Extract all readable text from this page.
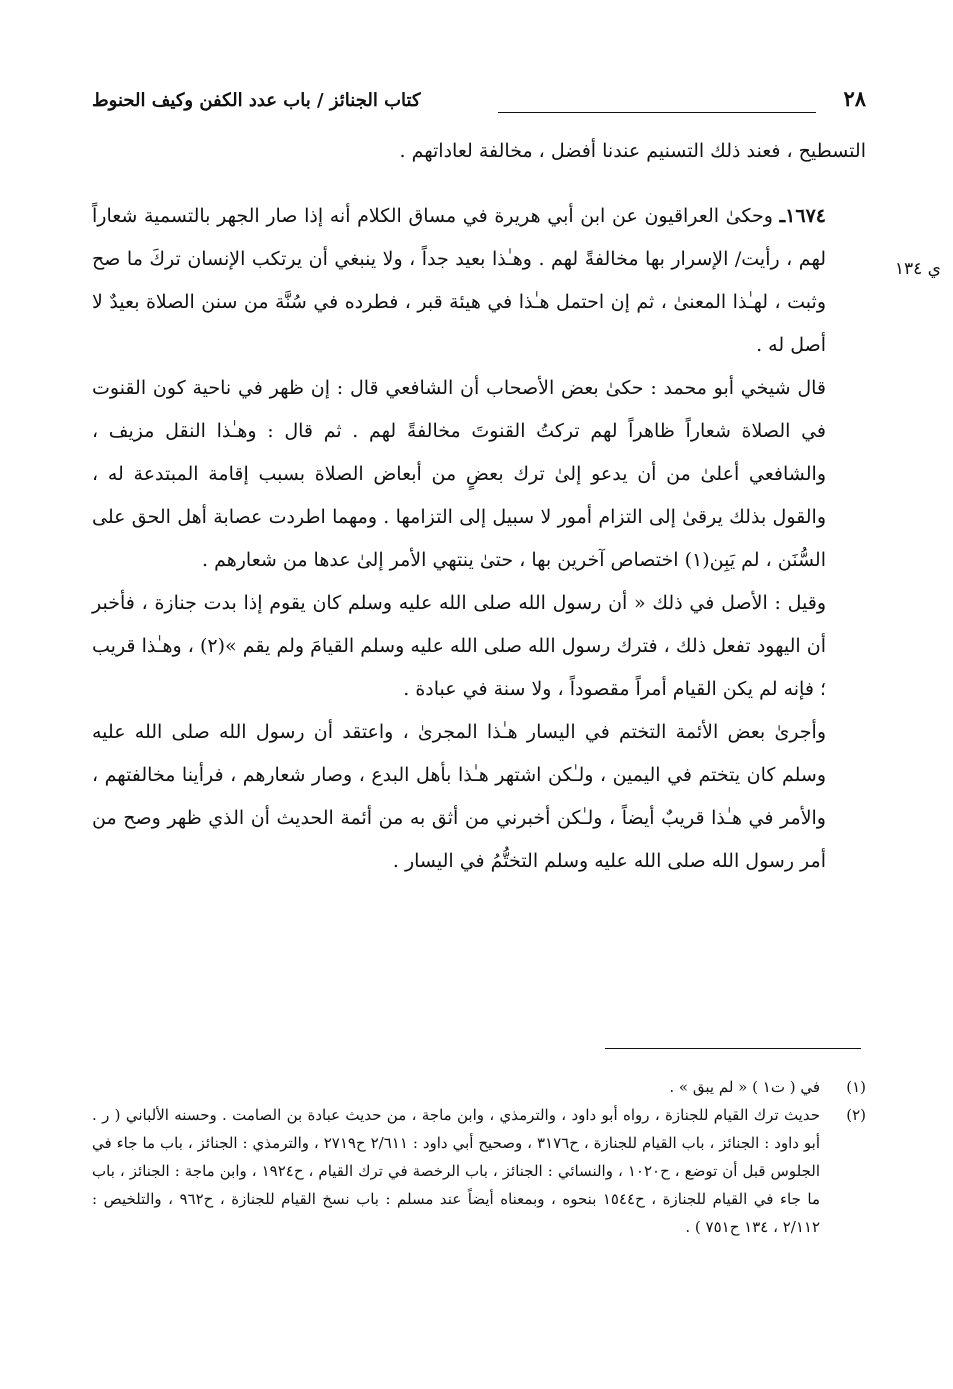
٢٨
كتاب الجنائز / باب عدد الكفن وكيف الحنوط
ي ١٣٤

التسطيح ، فعند ذلك التسنيم عندنا أفضل ، مخالفة لعاداتهم .

١٦٧٤ـ وحكىٰ العراقيون عن ابن أبي هريرة في مساق الكلام أنه إذا صار الجهر بالتسمية شعاراً لهم ، رأيت/ الإسرار بها مخالفةً لهم . وهـٰذا بعيد جداً ، ولا ينبغي أن يرتكب الإنسان تركَ ما صح وثبت ، لهـٰذا المعنىٰ ، ثم إن احتمل هـٰذا في هيئة قبر ، فطرده في سُنَّة من سنن الصلاة بعيدٌ لا أصل له .

قال شيخي أبو محمد : حكىٰ بعض الأصحاب أن الشافعي قال : إن ظهر في ناحية كون القنوت في الصلاة شعاراً ظاهراً لهم تركتُ القنوتَ مخالفةً لهم . ثم قال : وهـٰذا النقل مزيف ، والشافعي أعلىٰ من أن يدعو إلىٰ ترك بعضٍ من أبعاض الصلاة بسبب إقامة المبتدعة له ، والقول بذلك يرقىٰ إلى التزام أمور لا سبيل إلى التزامها . ومهما اطردت عصابة أهل الحق على السُّنَن ، لم يَبِن(١) اختصاص آخرين بها ، حتىٰ ينتهي الأمر إلىٰ عدها من شعارهم .

وقيل : الأصل في ذلك « أن رسول الله صلى الله عليه وسلم كان يقوم إذا بدت جنازة ، فأخبر أن اليهود تفعل ذلك ، فترك رسول الله صلى الله عليه وسلم القيامَ ولم يقم »(٢) ، وهـٰذا قريب ؛ فإنه لم يكن القيام أمراً مقصوداً ، ولا سنة في عبادة .

وأجرىٰ بعض الأئمة التختم في اليسار هـٰذا المجرىٰ ، واعتقد أن رسول الله صلى الله عليه وسلم كان يتختم في اليمين ، ولـٰكن اشتهر هـٰذا بأهل البدع ، وصار شعارهم ، فرأينا مخالفتهم ، والأمر في هـٰذا قريبٌ أيضاً ، ولـٰكن أخبرني من أثق به من أئمة الحديث أن الذي ظهر وصح من أمر رسول الله صلى الله عليه وسلم التختُّمُ في اليسار .

(١)
في ( ت١ ) « لم يبق » .
(٢)
حديث ترك القيام للجنازة ، رواه أبو داود ، والترمذي ، وابن ماجة ، من حديث عبادة بن الصامت . وحسنه الألباني ( ر . أبو داود : الجنائز ، باب القيام للجنازة ، ح٣١٧٦ ، وصحيح أبي داود : ٢/٦١١ ح٢٧١٩ ، والترمذي : الجنائز ، باب ما جاء في الجلوس قبل أن توضع ، ح١٠٢٠ ، والنسائي : الجنائز ، باب الرخصة في ترك القيام ، ح١٩٢٤ ، وابن ماجة : الجنائز ، باب ما جاء في القيام للجنازة ، ح١٥٤٤ بنحوه ، وبمعناه أيضاً عند مسلم : باب نسخ القيام للجنازة ، ح٩٦٢ ، والتلخيص : ٢/١١٢ ، ١٣٤ ح٧٥١ ) .
